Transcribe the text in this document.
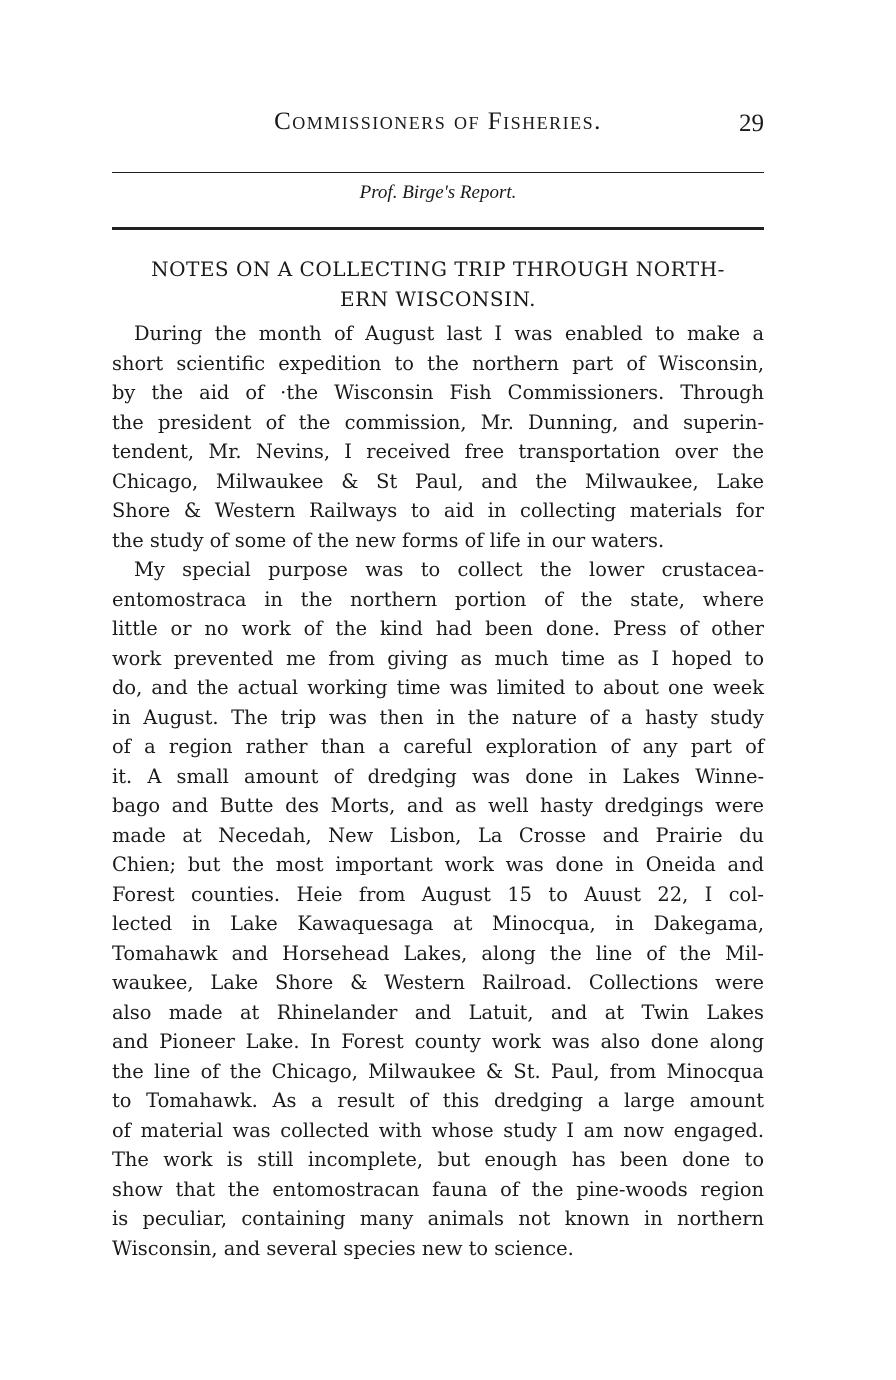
Commissioners of Fisheries.	29
Prof. Birge's Report.
NOTES ON A COLLECTING TRIP THROUGH NORTH-
ERN WISCONSIN.
During the month of August last I was enabled to make a
short scientific expedition to the northern part of Wisconsin,
by the aid of ·the Wisconsin Fish Commissioners. Through
the president of the commission, Mr. Dunning, and superin-
tendent, Mr. Nevins, I received free transportation over the
Chicago, Milwaukee & St Paul, and the Milwaukee, Lake
Shore & Western Railways to aid in collecting materials for
the study of some of the new forms of life in our waters.
My special purpose was to collect the lower crustacea-
entomostraca in the northern portion of the state, where
little or no work of the kind had been done. Press of other
work prevented me from giving as much time as I hoped to
do, and the actual working time was limited to about one week
in August. The trip was then in the nature of a hasty study
of a region rather than a careful exploration of any part of
it. A small amount of dredging was done in Lakes Winne-
bago and Butte des Morts, and as well hasty dredgings were
made at Necedah, New Lisbon, La Crosse and Prairie du
Chien; but the most important work was done in Oneida and
Forest counties. Heie from August 15 to Auust 22, I col-
lected in Lake Kawaquesaga at Minocqua, in Dakegama,
Tomahawk and Horsehead Lakes, along the line of the Mil-
waukee, Lake Shore & Western Railroad. Collections were
also made at Rhinelander and Latuit, and at Twin Lakes
and Pioneer Lake. In Forest county work was also done along
the line of the Chicago, Milwaukee & St. Paul, from Minocqua
to Tomahawk. As a result of this dredging a large amount
of material was collected with whose study I am now engaged.
The work is still incomplete, but enough has been done to
show that the entomostracan fauna of the pine-woods region
is peculiar, containing many animals not known in northern
Wisconsin, and several species new to science.
